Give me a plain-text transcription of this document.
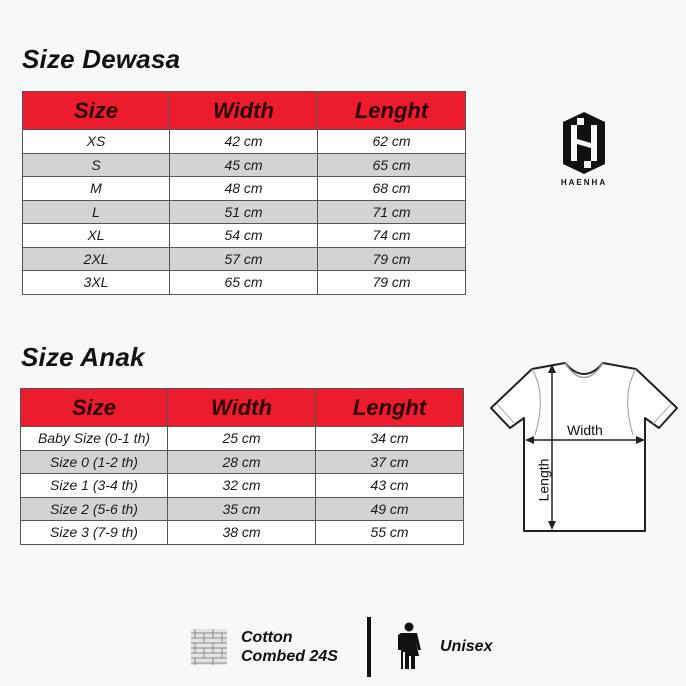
Size Dewasa
Size	Width	Lenght
XS	42 cm	62 cm
S	45 cm	65 cm
M	48 cm	68 cm
L	51 cm	71 cm
XL	54 cm	74 cm
2XL	57 cm	79 cm
3XL	65 cm	79 cm
HAENHA
Size Anak
Size	Width	Lenght
Baby Size (0-1 th)	25 cm	34 cm
Size 0 (1-2 th)	28 cm	37 cm
Size 1 (3-4 th)	32 cm	43 cm
Size 2 (5-6 th)	35 cm	49 cm
Size 3 (7-9 th)	38 cm	55 cm
Width
Length
Cotton
Combed 24S
Unisex
